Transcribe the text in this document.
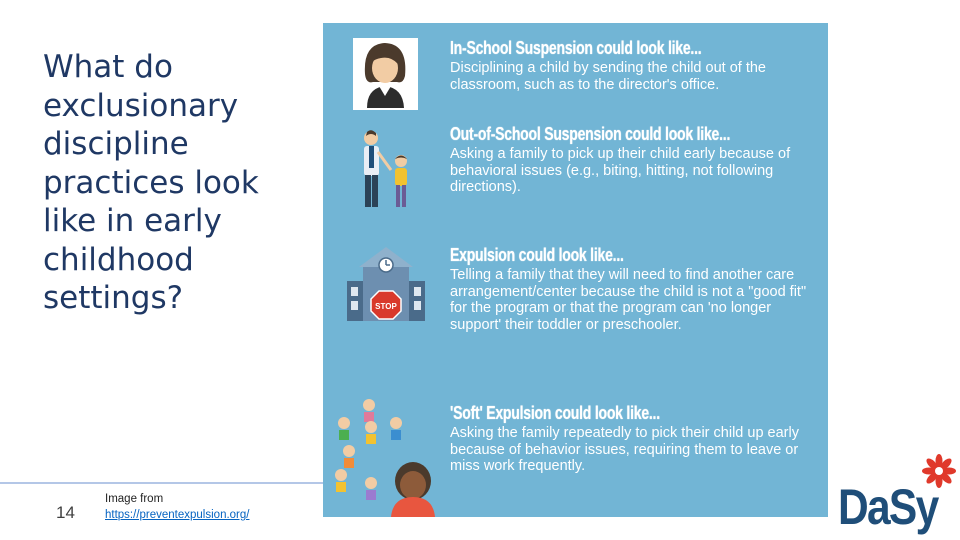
What do exclusionary discipline practices look like in early childhood settings?
14
Image from
https://preventexpulsion.org/
STOP
In-School Suspension could look like...
Disciplining a child by sending the child out of the classroom, such as to the director's office.
Out-of-School Suspension could look like...
Asking a family to pick up their child early because of behavioral issues (e.g., biting, hitting, not following directions).
Expulsion could look like...
Telling a family that they will need to find another care arrangement/center because the child is not a "good fit" for the program or that the program can 'no longer support' their toddler or preschooler.
'Soft' Expulsion could look like...
Asking the family repeatedly to pick their child up early because of behavior issues, requiring them to leave or miss work frequently.
DaSy
